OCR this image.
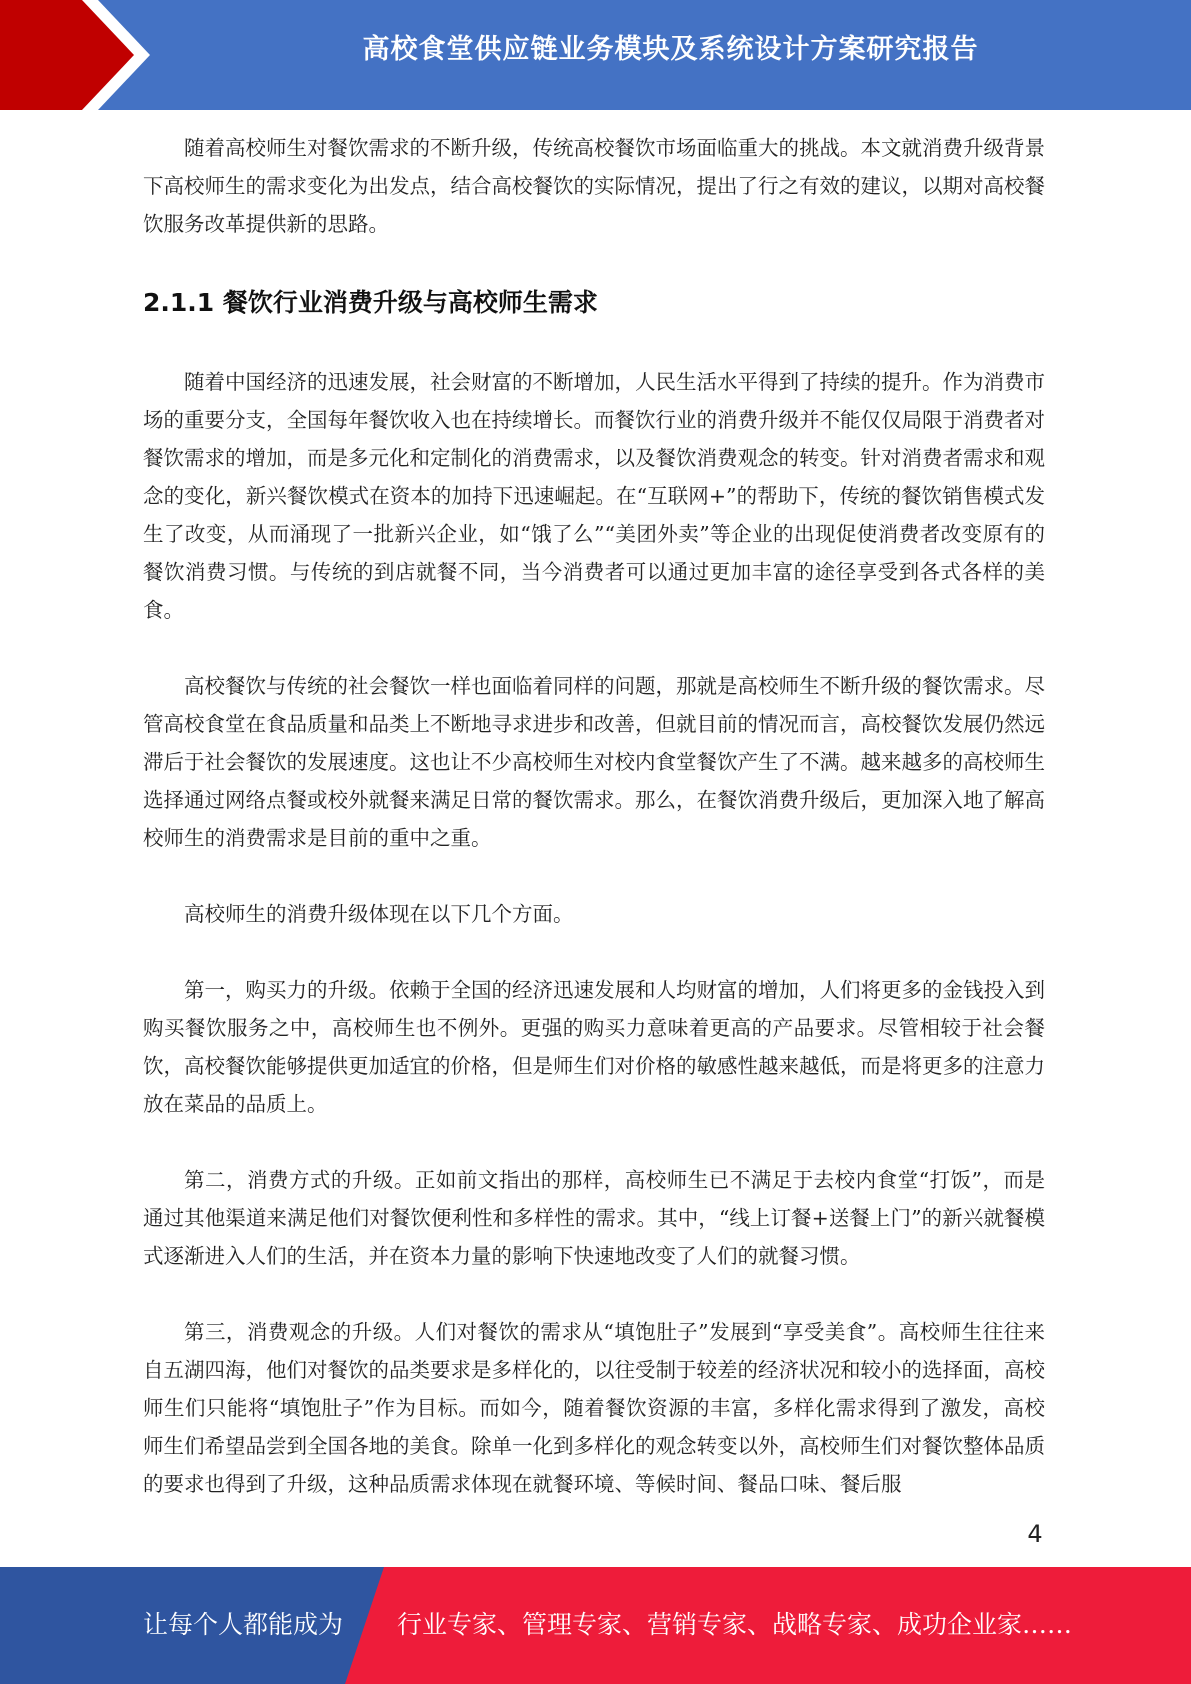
高校食堂供应链业务模块及系统设计方案研究报告

随着高校师生对餐饮需求的不断升级，传统高校餐饮市场面临重大的挑战。本文就消费升级背景下高校师生的需求变化为出发点，结合高校餐饮的实际情况，提出了行之有效的建议，以期对高校餐饮服务改革提供新的思路。

2.1.1 餐饮行业消费升级与高校师生需求

随着中国经济的迅速发展，社会财富的不断增加，人民生活水平得到了持续的提升。作为消费市场的重要分支，全国每年餐饮收入也在持续增长。而餐饮行业的消费升级并不能仅仅局限于消费者对餐饮需求的增加，而是多元化和定制化的消费需求，以及餐饮消费观念的转变。针对消费者需求和观念的变化，新兴餐饮模式在资本的加持下迅速崛起。在“互联网+”的帮助下，传统的餐饮销售模式发生了改变，从而涌现了一批新兴企业，如“饿了么”“美团外卖”等企业的出现促使消费者改变原有的餐饮消费习惯。与传统的到店就餐不同，当今消费者可以通过更加丰富的途径享受到各式各样的美食。

高校餐饮与传统的社会餐饮一样也面临着同样的问题，那就是高校师生不断升级的餐饮需求。尽管高校食堂在食品质量和品类上不断地寻求进步和改善，但就目前的情况而言，高校餐饮发展仍然远滞后于社会餐饮的发展速度。这也让不少高校师生对校内食堂餐饮产生了不满。越来越多的高校师生选择通过网络点餐或校外就餐来满足日常的餐饮需求。那么，在餐饮消费升级后，更加深入地了解高校师生的消费需求是目前的重中之重。

高校师生的消费升级体现在以下几个方面。

第一，购买力的升级。依赖于全国的经济迅速发展和人均财富的增加，人们将更多的金钱投入到购买餐饮服务之中，高校师生也不例外。更强的购买力意味着更高的产品要求。尽管相较于社会餐饮，高校餐饮能够提供更加适宜的价格，但是师生们对价格的敏感性越来越低，而是将更多的注意力放在菜品的品质上。

第二，消费方式的升级。正如前文指出的那样，高校师生已不满足于去校内食堂“打饭”，而是通过其他渠道来满足他们对餐饮便利性和多样性的需求。其中，“线上订餐+送餐上门”的新兴就餐模式逐渐进入人们的生活，并在资本力量的影响下快速地改变了人们的就餐习惯。

第三，消费观念的升级。人们对餐饮的需求从“填饱肚子”发展到“享受美食”。高校师生往往来自五湖四海，他们对餐饮的品类要求是多样化的，以往受制于较差的经济状况和较小的选择面，高校师生们只能将“填饱肚子”作为目标。而如今，随着餐饮资源的丰富，多样化需求得到了激发，高校师生们希望品尝到全国各地的美食。除单一化到多样化的观念转变以外，高校师生们对餐饮整体品质的要求也得到了升级，这种品质需求体现在就餐环境、等候时间、餐品口味、餐后服

4
让每个人都能成为 行业专家、管理专家、营销专家、战略专家、成功企业家……
